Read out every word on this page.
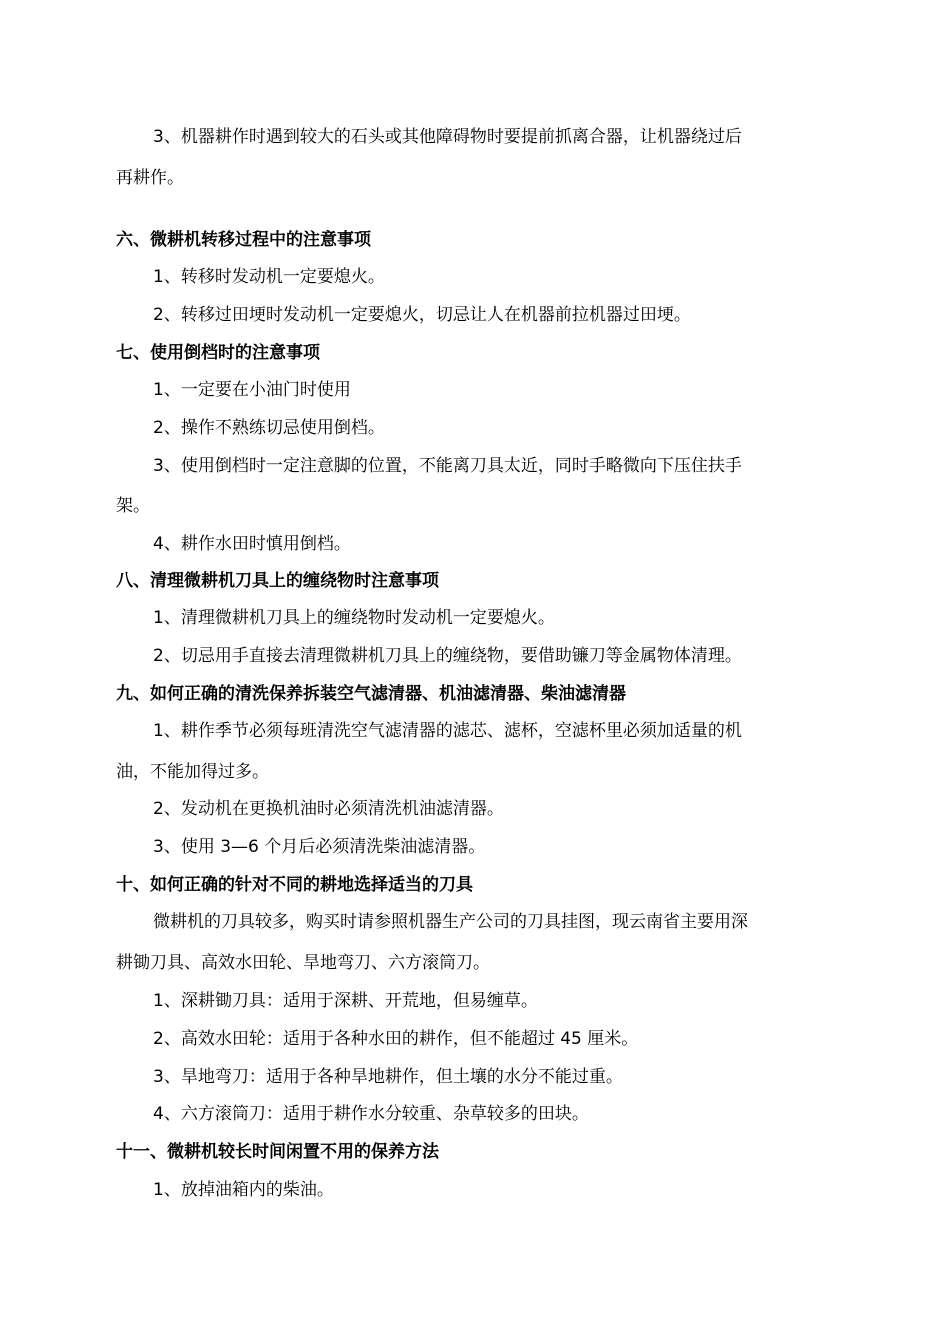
3、机器耕作时遇到较大的石头或其他障碍物时要提前抓离合器，让机器绕过后
再耕作。
六、微耕机转移过程中的注意事项
1、转移时发动机一定要熄火。
2、转移过田埂时发动机一定要熄火，切忌让人在机器前拉机器过田埂。
七、使用倒档时的注意事项
1、一定要在小油门时使用
2、操作不熟练切忌使用倒档。
3、使用倒档时一定注意脚的位置，不能离刀具太近，同时手略微向下压住扶手
架。
4、耕作水田时慎用倒档。
八、清理微耕机刀具上的缠绕物时注意事项
1、清理微耕机刀具上的缠绕物时发动机一定要熄火。
2、切忌用手直接去清理微耕机刀具上的缠绕物，要借助镰刀等金属物体清理。
九、如何正确的清洗保养拆装空气滤清器、机油滤清器、柴油滤清器
1、耕作季节必须每班清洗空气滤清器的滤芯、滤杯，空滤杯里必须加适量的机
油，不能加得过多。
2、发动机在更换机油时必须清洗机油滤清器。
3、使用 3—6 个月后必须清洗柴油滤清器。
十、如何正确的针对不同的耕地选择适当的刀具
微耕机的刀具较多，购买时请参照机器生产公司的刀具挂图，现云南省主要用深
耕锄刀具、高效水田轮、旱地弯刀、六方滚筒刀。
1、深耕锄刀具：适用于深耕、开荒地，但易缠草。
2、高效水田轮：适用于各种水田的耕作，但不能超过 45 厘米。
3、旱地弯刀：适用于各种旱地耕作，但土壤的水分不能过重。
4、六方滚筒刀：适用于耕作水分较重、杂草较多的田块。
十一、微耕机较长时间闲置不用的保养方法
1、放掉油箱内的柴油。
